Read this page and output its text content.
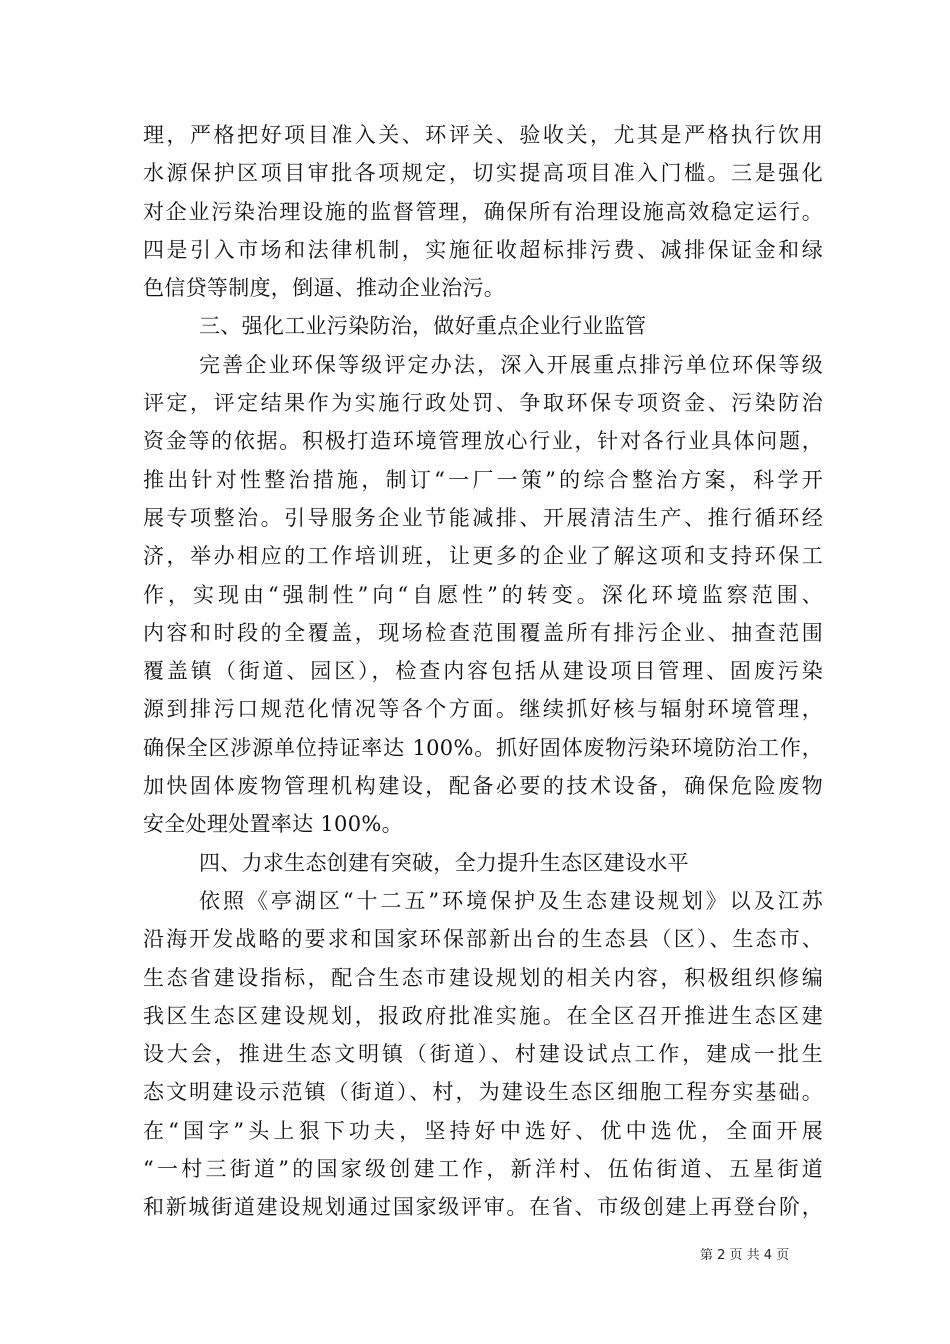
理，严格把好项目准入关、环评关、验收关，尤其是严格执行饮用
水源保护区项目审批各项规定，切实提高项目准入门槛。三是强化
对企业污染治理设施的监督管理，确保所有治理设施高效稳定运行。
四是引入市场和法律机制，实施征收超标排污费、减排保证金和绿
色信贷等制度，倒逼、推动企业治污。
三、强化工业污染防治，做好重点企业行业监管
完善企业环保等级评定办法，深入开展重点排污单位环保等级
评定，评定结果作为实施行政处罚、争取环保专项资金、污染防治
资金等的依据。积极打造环境管理放心行业，针对各行业具体问题，
推出针对性整治措施，制订“一厂一策”的综合整治方案，科学开
展专项整治。引导服务企业节能减排、开展清洁生产、推行循环经
济，举办相应的工作培训班，让更多的企业了解这项和支持环保工
作，实现由“强制性”向“自愿性”的转变。深化环境监察范围、
内容和时段的全覆盖，现场检查范围覆盖所有排污企业、抽查范围
覆盖镇（街道、园区），检查内容包括从建设项目管理、固废污染
源到排污口规范化情况等各个方面。继续抓好核与辐射环境管理，
确保全区涉源单位持证率达 100%。抓好固体废物污染环境防治工作，
加快固体废物管理机构建设，配备必要的技术设备，确保危险废物
安全处理处置率达 100%。
四、力求生态创建有突破，全力提升生态区建设水平
依照《亭湖区“十二五”环境保护及生态建设规划》以及江苏
沿海开发战略的要求和国家环保部新出台的生态县（区）、生态市、
生态省建设指标，配合生态市建设规划的相关内容，积极组织修编
我区生态区建设规划，报政府批准实施。在全区召开推进生态区建
设大会，推进生态文明镇（街道）、村建设试点工作，建成一批生
态文明建设示范镇（街道）、村，为建设生态区细胞工程夯实基础。
在“国字”头上狠下功夫，坚持好中选好、优中选优，全面开展
“一村三街道”的国家级创建工作，新洋村、伍佑街道、五星街道
和新城街道建设规划通过国家级评审。在省、市级创建上再登台阶，
第 2 页 共 4 页
